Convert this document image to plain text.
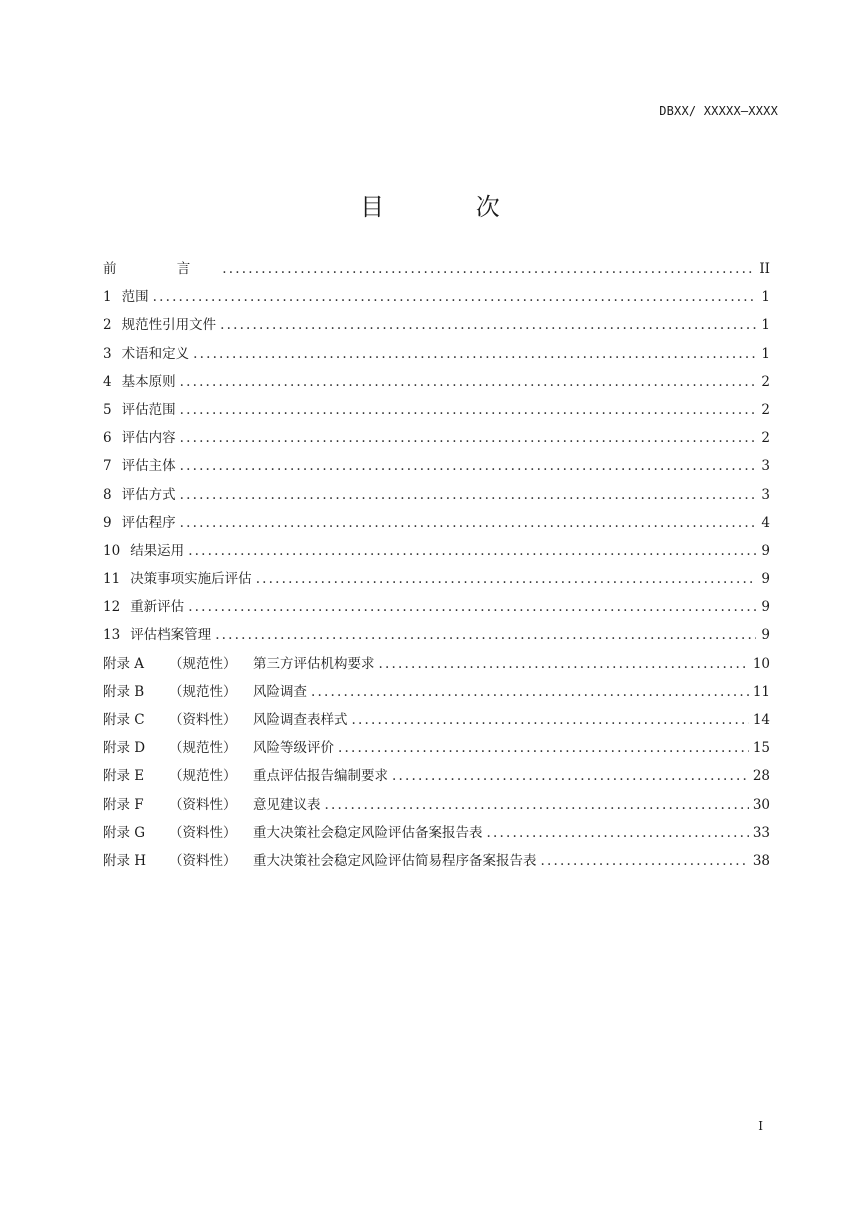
DBXX/ XXXXX—XXXX
目 次
前 言 .....	II
1 范围 .....	1
2 规范性引用文件 .....	1
3 术语和定义 .....	1
4 基本原则 .....	2
5 评估范围 .....	2
6 评估内容 .....	2
7 评估主体 .....	3
8 评估方式 .....	3
9 评估程序 .....	4
10 结果运用 .....	9
11 决策事项实施后评估 .....	9
12 重新评估 .....	9
13 评估档案管理 .....	9
附录 A	（规范性）	第三方评估机构要求 .....	10
附录 B	（规范性）	风险调查 .....	11
附录 C	（资料性）	风险调查表样式 .....	14
附录 D	（规范性）	风险等级评价 .....	15
附录 E	（规范性）	重点评估报告编制要求 .....	28
附录 F	（资料性）	意见建议表 .....	30
附录 G	（资料性）	重大决策社会稳定风险评估备案报告表 .....	33
附录 H	（资料性）	重大决策社会稳定风险评估简易程序备案报告表 .....	38
I
